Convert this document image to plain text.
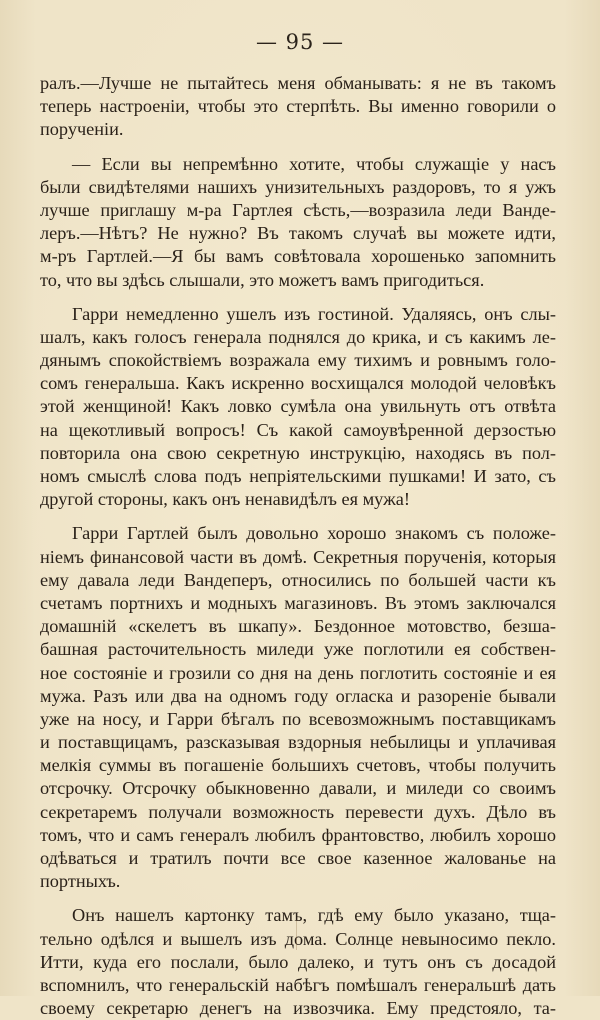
— 95 —
ралъ.—Лучше не пытайтесь меня обманывать: я не въ такомъ
теперь настроеніи, чтобы это стерпѣть. Вы именно говорили о
порученіи.
— Если вы непремѣнно хотите, чтобы служащіе у насъ
были свидѣтелями нашихъ унизительныхъ раздоровъ, то я ужъ
лучше приглашу м-ра Гартлея сѣсть,—возразила леди Ванде-
леръ.—Нѣтъ? Не нужно? Въ такомъ случаѣ вы можете идти,
м-ръ Гартлей.—Я бы вамъ совѣтовала хорошенько запомнить
то, что вы здѣсь слышали, это можетъ вамъ пригодиться.
Гарри немедленно ушелъ изъ гостиной. Удаляясь, онъ слы-
шалъ, какъ голосъ генерала поднялся до крика, и съ какимъ ле-
дянымъ спокойствіемъ возражала ему тихимъ и ровнымъ голо-
сомъ генеральша. Какъ искренно восхищался молодой человѣкъ
этой женщиной! Какъ ловко сумѣла она увильнуть отъ отвѣта
на щекотливый вопросъ! Съ какой самоувѣренной дерзостью
повторила она свою секретную инструкцію, находясь въ пол-
номъ смыслѣ слова подъ непріятельскими пушками! И зато, съ
другой стороны, какъ онъ ненавидѣлъ ея мужа!
Гарри Гартлей былъ довольно хорошо знакомъ съ положе-
ніемъ финансовой части въ домѣ. Секретныя порученія, которыя
ему давала леди Вандеперъ, относились по большей части къ
счетамъ портнихъ и модныхъ магазиновъ. Въ этомъ заключался
домашній «скелетъ въ шкапу». Бездонное мотовство, безша-
башная расточительность миледи уже поглотили ея собствен-
ное состояніе и грозили со дня на день поглотить состояніе и ея
мужа. Разъ или два на одномъ году огласка и разореніе бывали
уже на носу, и Гарри бѣгалъ по всевозможнымъ поставщикамъ
и поставщицамъ, разсказывая вздорныя небылицы и уплачивая
мелкія суммы въ погашеніе большихъ счетовъ, чтобы получить
отсрочку. Отсрочку обыкновенно давали, и миледи со своимъ
секретаремъ получали возможность перевести духъ. Дѣло въ
томъ, что и самъ генералъ любилъ франтовство, любилъ хорошо
одѣваться и тратилъ почти все свое казенное жалованье на
портныхъ.
Онъ нашелъ картонку тамъ, гдѣ ему было указано, тща-
тельно одѣлся и вышелъ изъ дома. Солнце невыносимо пекло.
Итти, куда его послали, было далеко, и тутъ онъ съ досадой
вспомнилъ, что генеральскій набѣгъ помѣшалъ генеральшѣ дать
своему секретарю денегъ на извозчика. Ему предстояло, та-
